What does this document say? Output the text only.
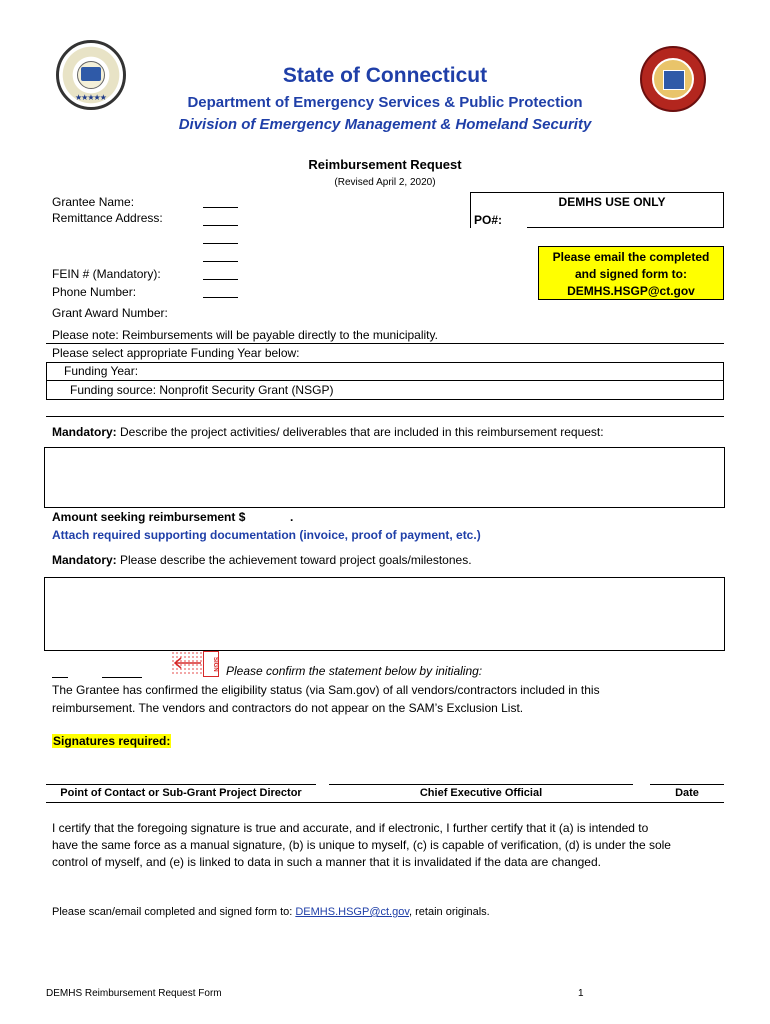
★★★★★
State of Connecticut
Department of Emergency Services & Public Protection
Division of Emergency Management & Homeland Security
Reimbursement Request
(Revised April 2, 2020)
Grantee Name:
Remittance Address:
FEIN # (Mandatory):
Phone Number:
Grant Award Number:
DEMHS USE ONLY
PO#:
Please email the completed
and signed form to:
DEMHS.HSGP@ct.gov
Please note: Reimbursements will be payable directly to the municipality.
Please select appropriate Funding Year below:
Funding Year:
Funding source: Nonprofit Security Grant (NSGP)
Mandatory: Describe the project activities/ deliverables that are included in this reimbursement request:
Amount seeking reimbursement $	.
Attach required supporting documentation (invoice, proof of payment, etc.)
Mandatory: Please describe the achievement toward project goals/milestones.
SIGN Please confirm the statement below by initialing:
The Grantee has confirmed the eligibility status (via Sam.gov) of all vendors/contractors included in this
reimbursement. The vendors and contractors do not appear on the SAM’s Exclusion List.
Signatures required:
Point of Contact or Sub-Grant Project Director	Chief Executive Official	Date
I certify that the foregoing signature is true and accurate, and if electronic, I further certify that it (a) is intended to
have the same force as a manual signature, (b) is unique to myself, (c) is capable of verification, (d) is under the sole
control of myself, and (e) is linked to data in such a manner that it is invalidated if the data are changed.
Please scan/email completed and signed form to: DEMHS.HSGP@ct.gov, retain originals.
DEMHS Reimbursement Request Form	1
